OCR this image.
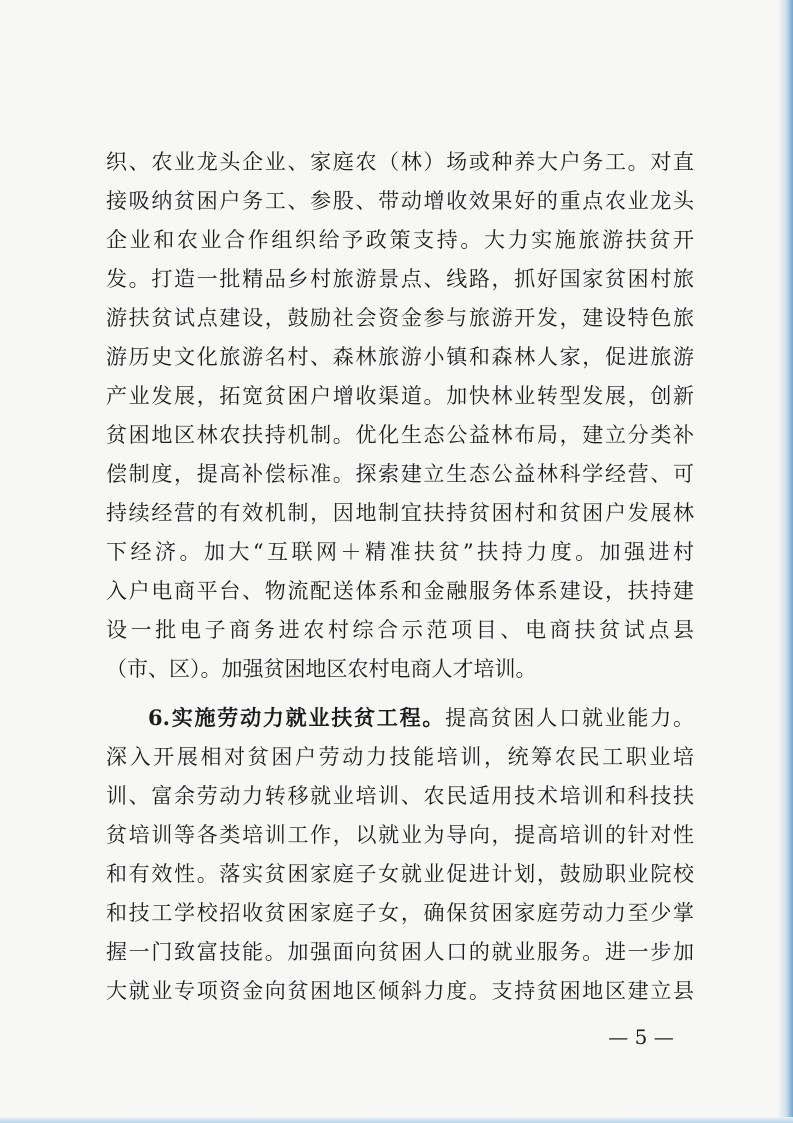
织、农业龙头企业、家庭农（林）场或种养大户务工。对直
接吸纳贫困户务工、参股、带动增收效果好的重点农业龙头
企业和农业合作组织给予政策支持。大力实施旅游扶贫开
发。打造一批精品乡村旅游景点、线路，抓好国家贫困村旅
游扶贫试点建设，鼓励社会资金参与旅游开发，建设特色旅
游历史文化旅游名村、森林旅游小镇和森林人家，促进旅游
产业发展，拓宽贫困户增收渠道。加快林业转型发展，创新
贫困地区林农扶持机制。优化生态公益林布局，建立分类补
偿制度，提高补偿标准。探索建立生态公益林科学经营、可
持续经营的有效机制，因地制宜扶持贫困村和贫困户发展林
下经济。加大“互联网＋精准扶贫”扶持力度。加强进村
入户电商平台、物流配送体系和金融服务体系建设，扶持建
设一批电子商务进农村综合示范项目、电商扶贫试点县
（市、区）。加强贫困地区农村电商人才培训。
6.实施劳动力就业扶贫工程。提高贫困人口就业能力。
深入开展相对贫困户劳动力技能培训，统筹农民工职业培
训、富余劳动力转移就业培训、农民适用技术培训和科技扶
贫培训等各类培训工作，以就业为导向，提高培训的针对性
和有效性。落实贫困家庭子女就业促进计划，鼓励职业院校
和技工学校招收贫困家庭子女，确保贫困家庭劳动力至少掌
握一门致富技能。加强面向贫困人口的就业服务。进一步加
大就业专项资金向贫困地区倾斜力度。支持贫困地区建立县
— 5 —
